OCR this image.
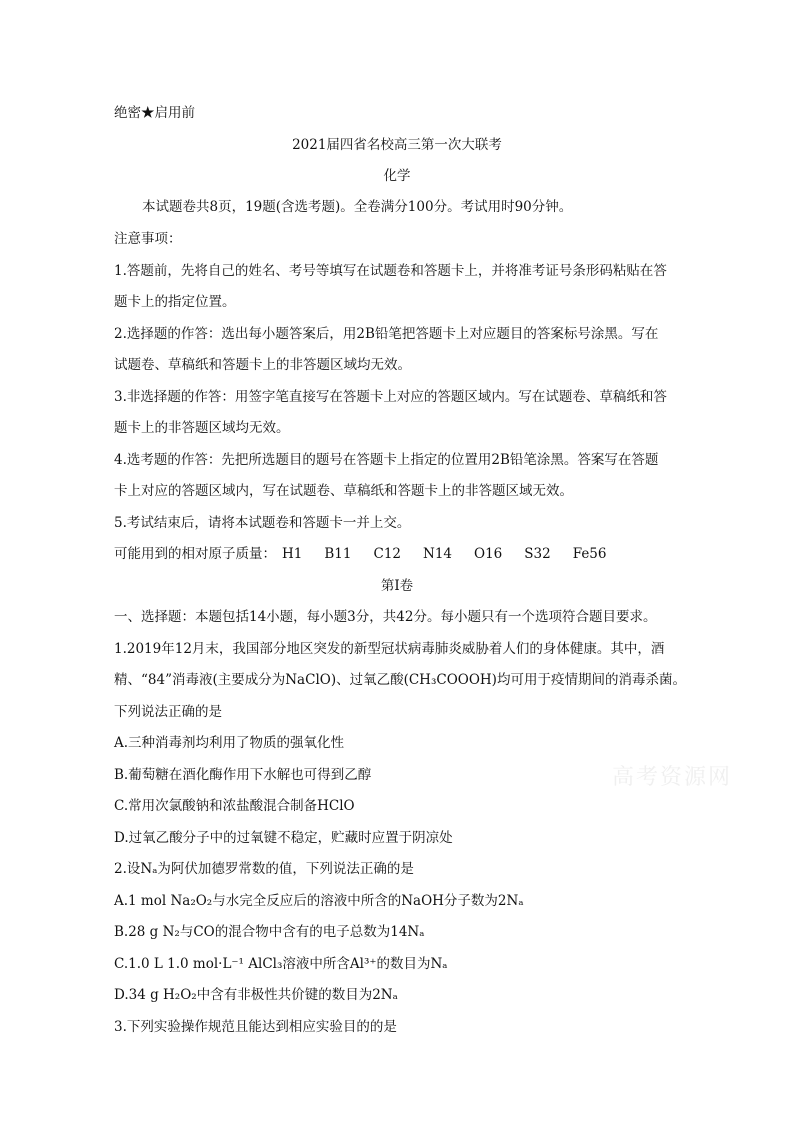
绝密★启用前
2021届四省名校高三第一次大联考
化学
本试题卷共8页，19题(含选考题)。全卷满分100分。考试用时90分钟。
注意事项：
1.答题前，先将自己的姓名、考号等填写在试题卷和答题卡上，并将准考证号条形码粘贴在答
题卡上的指定位置。
2.选择题的作答：选出每小题答案后，用2B铅笔把答题卡上对应题目的答案标号涂黑。写在
试题卷、草稿纸和答题卡上的非答题区域均无效。
3.非选择题的作答：用签字笔直接写在答题卡上对应的答题区域内。写在试题卷、草稿纸和答
题卡上的非答题区域均无效。
4.选考题的作答：先把所选题目的题号在答题卡上指定的位置用2B铅笔涂黑。答案写在答题
卡上对应的答题区域内，写在试题卷、草稿纸和答题卡上的非答题区域无效。
5.考试结束后，请将本试题卷和答题卡一并上交。
可能用到的相对原子质量： H1 B11 C12 N14 O16 S32 Fe56
第I卷
一、选择题：本题包括14小题，每小题3分，共42分。每小题只有一个选项符合题目要求。
1.2019年12月末，我国部分地区突发的新型冠状病毒肺炎威胁着人们的身体健康。其中，酒
精、“84”消毒液(主要成分为NaClO)、过氧乙酸(CH₃COOOH)均可用于疫情期间的消毒杀菌。
下列说法正确的是
A.三种消毒剂均利用了物质的强氧化性
B.葡萄糖在酒化酶作用下水解也可得到乙醇
C.常用次氯酸钠和浓盐酸混合制备HClO
D.过氧乙酸分子中的过氧键不稳定，贮藏时应置于阴凉处
2.设Nₐ为阿伏加德罗常数的值，下列说法正确的是
A.1 mol Na₂O₂与水完全反应后的溶液中所含的NaOH分子数为2Nₐ
B.28 g N₂与CO的混合物中含有的电子总数为14Nₐ
C.1.0 L 1.0 mol·L⁻¹ AlCl₃溶液中所含Al³⁺的数目为Nₐ
D.34 g H₂O₂中含有非极性共价键的数目为2Nₐ
3.下列实验操作规范且能达到相应实验目的的是
高考资源网
